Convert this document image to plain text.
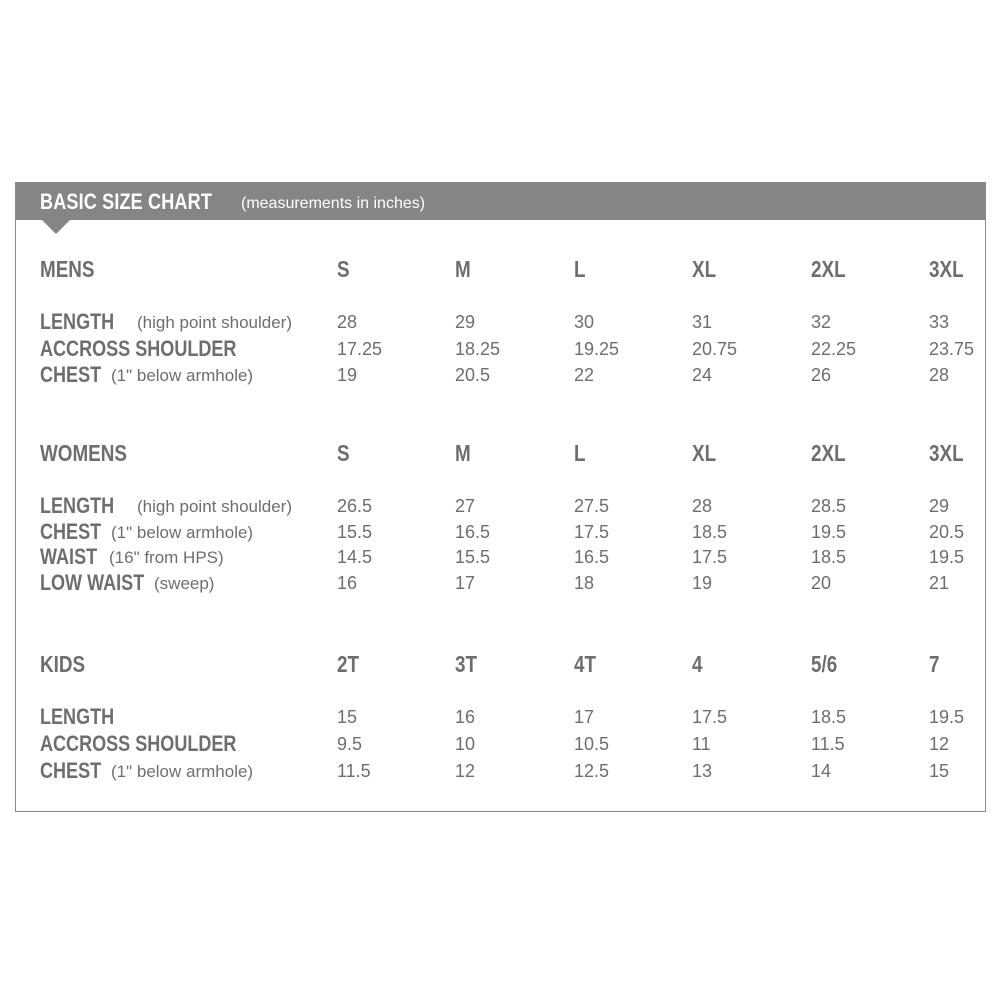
BASIC SIZE CHART (measurements in inches)
MENS	S	M	L	XL	2XL	3XL
LENGTH (high point shoulder)	28	29	30	31	32	33
ACCROSS SHOULDER	17.25	18.25	19.25	20.75	22.25	23.75
CHEST (1" below armhole)	19	20.5	22	24	26	28
WOMENS	S	M	L	XL	2XL	3XL
LENGTH (high point shoulder)	26.5	27	27.5	28	28.5	29
CHEST (1" below armhole)	15.5	16.5	17.5	18.5	19.5	20.5
WAIST (16" from HPS)	14.5	15.5	16.5	17.5	18.5	19.5
LOW WAIST (sweep)	16	17	18	19	20	21
KIDS	2T	3T	4T	4	5/6	7
LENGTH	15	16	17	17.5	18.5	19.5
ACCROSS SHOULDER	9.5	10	10.5	11	11.5	12
CHEST (1" below armhole)	11.5	12	12.5	13	14	15
